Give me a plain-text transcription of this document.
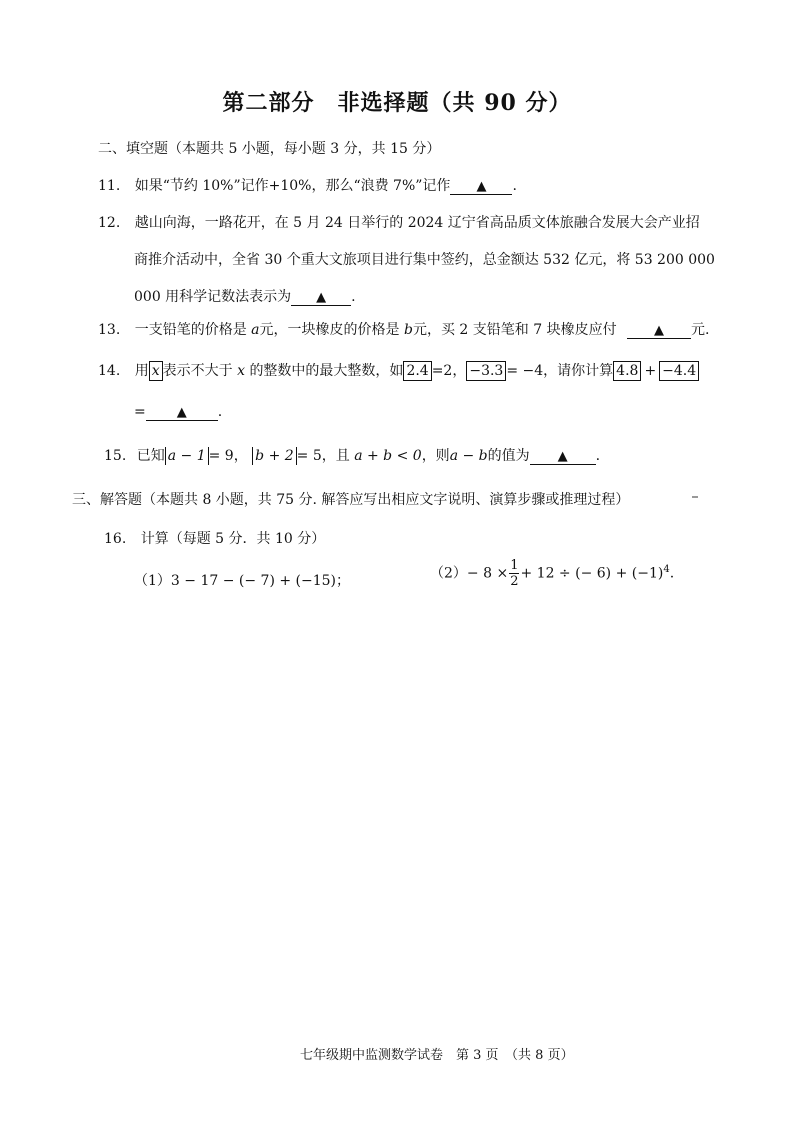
第二部分　非选择题（共 90 分）
二、填空题（本题共 5 小题，每小题 3 分，共 15 分）
11. 如果“节约 10%”记作+10%，那么“浪费 7%”记作 ▲ .
12. 越山向海，一路花开，在 5 月 24 日举行的 2024 辽宁省高品质文体旅融合发展大会产业招
商推介活动中，全省 30 个重大文旅项目进行集中签约，总金额达 532 亿元，将 53 200 000
000 用科学记数法表示为 ▲ .
13. 一支铅笔的价格是 a元，一块橡皮的价格是 b元，买 2 支铅笔和 7 块橡皮应付	▲ 元.
14. 用 x 表示不大于 x 的整数中的最大整数，如 2.4 =2， −3.3 = −4，请你计算 4.8 + −4.4
= ▲ .
15. 已知 a − 1 = 9， b + 2 = 5，且 a + b < 0，则a − b的值为 ▲ .
三、解答题（本题共 8 小题，共 75 分. 解答应写出相应文字说明、演算步骤或推理过程）
16. 计算（每题 5 分．共 10 分）
（1）3 − 17 − (− 7) + (−15)；	$(2)- 8 \times \frac{1}{2} + 12$ ÷ (− $6) + (-1)^4$.
七年级期中监测数学试卷　第 3 页　（共 8 页）
